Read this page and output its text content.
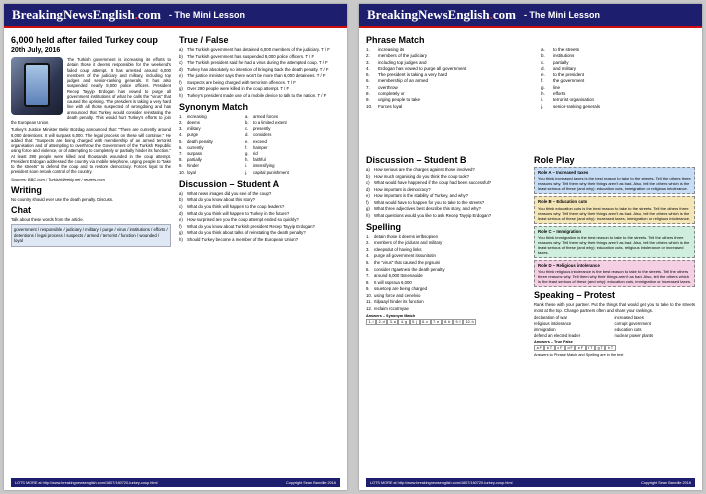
BreakingNewsEnglish.com - The Mini Lesson
6,000 held after failed Turkey coup
20th July, 2016

The Turkish government is increasing its efforts to detain those it deems responsible for the weekend's failed coup attempt. It has arrested around 6,000 members of the judiciary and military, including top judges and senior-ranking generals. It has also suspended nearly 8,000 police officers. President Recep Tayyip Erdogan has vowed to purge all government institutions of what he calls the "virus" that caused the uprising. The president is taking a very hard line with all those suspected of wrongdoing and has announced that Turkey would consider reinstating the death penalty. This would hurt Turkey's efforts to join the European Union.

Turkey's Justice Minister Bekir Bozdag announced that: "There are currently around 6,000 detentions. It will surpass 6,000. The legal process on these will continue." He added that: "Suspects are being charged with membership of an armed terrorist organisation and of attempting to overthrow the Government of the Turkish Republic using force and violence, or of attempting to completely or partially hinder its function." At least 290 people were killed and thousands wounded in the coup attempt. President Erdogan addressed the country via mobile telephone, urging people to "take to the streets" to defend the coup and to restore democracy. Forces loyal to the president soon retook control of the country.

Sources: BBC.com / TurkishWeekly.net / reuters.com

Writing

No country should ever use the death penalty. Discuss.

Chat

Talk about these words from the article.

government / responsible / judiciary / military / purge / virus / institutions / efforts / detentions / legal process / suspects / armed / terrorist / function / wounded / loyal
True / False
a) The Turkish government has detained 6,000 members of the judiciary. T / F
b) The Turkish government has suspended 8,000 police officers. T / F
c)	The Turkish president said he had a virus during the attempted coup. T / F
d) Turkey has absolutely no intention of bringing back the death penalty. T / F
e) The justice minister says there won't be more than 6,000 detainees. T / F
f)	Suspects are being charged with terrorism offences. T / F
g) Over 290 people were killed in the coup attempt. T / F
h) Turkey's president made use of a mobile device to talk to the nation. T / F
Synonym Match
1.	increasing	a.	armed forces
2.	deems	b.	to a limited extent
3.	military	c.	presently
4.	purge	d.	considers
5.	death penalty	e.	exceed
6.	currently	f.	hamper
7.	surpass	g.	rid
8.	partially	h.	faithful
9.	hinder	i.	intensifying
10. loyal	j.	capital punishment
Discussion – Student A
a) What news images did you see of the coup?
b) What do you know about this story?
c)	What do you think will happen to the coup leaders?
d) What do you think will happen to Turkey in the future?
e) How surprised are you the coup attempt ended so quickly?
f)	What do you know about Turkish president Recep Tayyip Erdogan?
g) What do you think about talks of reinstating the death penalty?
h) Should Turkey become a member of the European Union?
LOTS MORE at http://www.breakingnewsenglish.com/1607/160720-turkey-coup.html	Copyright Sean Banville 2016
BreakingNewsEnglish.com - The Mini Lesson
Phrase Match
1.	increasing its
2.	members of the judiciary
3.	including top judges and
4.	Erdogan has vowed to purge all government
5.	The president is taking a very hard
6.	membership of an armed
7.	overthrow
8.	completely or
9.	urging people to take
10.	Forces loyal
a.	to the streets
b.	institutions
c.	partially
d.	and military
e.	to the president
f.	the government
g.	line
h.	efforts
i.	terrorist organisation
j.	senior-ranking generals
Discussion – Student B
a) How serious are the charges against those involved?
b) How much organising do you think the coup took?
c)	What would have happened if the coup had been successful?
d) How important is democracy?
e) How important is the stability of Turkey, and why?
f)	What would have to happen for you to take to the streets?
g) What three adjectives best describe this story, and why?
h) What questions would you like to ask Recep Tayyip Erdogan?
Spelling
1.	detain those it deems ierlbsopsen
2.	members of the jcidurar and military
3.	rdeepsdut of having links
4.	purge all government itssunitotin
5.	the "virus" that caused the prgsuini
6.	consider rtgaetnesi the death penalty
7.	around 6,000 ttsnenaoide
8.	It will sspsrua 6,000
9.	ssuetcep are being charged
10. using force and cenelvio
11. rtilpaayl hinder its function
12. reclaim rccotmyae
Answers – Synonym Match
1. i	2. d	3. a	4. g	5. j	6. c	7. e	8. b	9. f	10. h
Role Play
Role A – Increased taxes
You think increased taxes is the best reason to take to the streets. Tell the others three reasons why. Tell them why their things aren't as bad. Also, tell the others which is the least serious of these (and why): education cuts, immigration or religious intolerance.
Role B – Education cuts
You think education cuts is the best reason to take to the streets. Tell the others three reasons why. Tell them why their things aren't as bad. Also, tell the others which is the least serious of these (and why): increased taxes, immigration or religious intolerance.
Role C – Immigration
You think immigration is the best reason to take to the streets. Tell the others three reasons why. Tell them why their things aren't as bad. Also, tell the others which is the least serious of these (and why): education cuts, religious intolerance or increased taxes.
Role D – Religious intolerance
You think religious intolerance is the best reason to take to the streets. Tell the others three reasons why. Tell them why their things aren't as bad. Also, tell the others which is the least serious of these (and why): education cuts, immigration or increased taxes.
Speaking – Protest

Rank these with your partner. Put the things that would get you to take to the streets most at the top. Change partners often and share your rankings.

declaration of war	increased taxes
religious intolerance	corrupt government
immigration	education cuts
defend an elected leader	nuclear power plants
Answers – True False
a F	b T	c F	d F	e F	f T	g T	h T
Answers to Phrase Match and Spelling are in the text
LOTS MORE at http://www.breakingnewsenglish.com/1607/160720-turkey-coup.html	Copyright Sean Banville 2016
